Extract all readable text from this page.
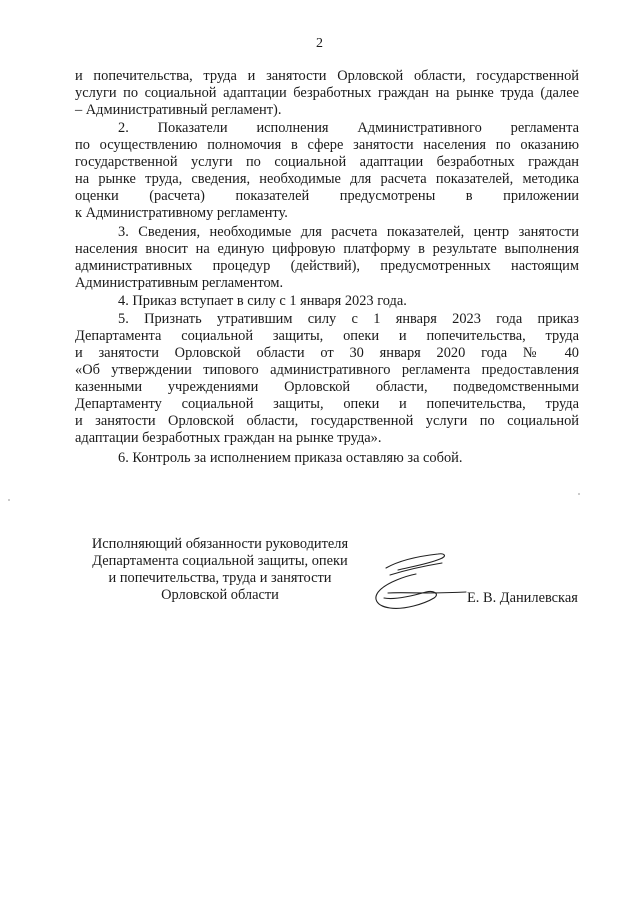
2
и попечительства, труда и занятости Орловской области, государственной
услуги по социальной адаптации безработных граждан на рынке труда (далее
– Административный регламент).
2. Показатели исполнения Административного регламента
по осуществлению полномочия в сфере занятости населения по оказанию
государственной услуги по социальной адаптации безработных граждан
на рынке труда, сведения, необходимые для расчета показателей, методика
оценки (расчета) показателей предусмотрены в приложении
к Административному регламенту.
3. Сведения, необходимые для расчета показателей, центр занятости
населения вносит на единую цифровую платформу в результате выполнения
административных процедур (действий), предусмотренных настоящим
Административным регламентом.
4. Приказ вступает в силу с 1 января 2023 года.
5. Признать утратившим силу с 1 января 2023 года приказ
Департамента социальной защиты, опеки и попечительства, труда
и занятости Орловской области от 30 января 2020 года № 40
«Об утверждении типового административного регламента предоставления
казенными учреждениями Орловской области, подведомственными
Департаменту социальной защиты, опеки и попечительства, труда
и занятости Орловской области, государственной услуги по социальной
адаптации безработных граждан на рынке труда».
6. Контроль за исполнением приказа оставляю за собой.
Исполняющий обязанности руководителя
Департамента социальной защиты, опеки
и попечительства, труда и занятости
Орловской области	Е. В. Данилевская
